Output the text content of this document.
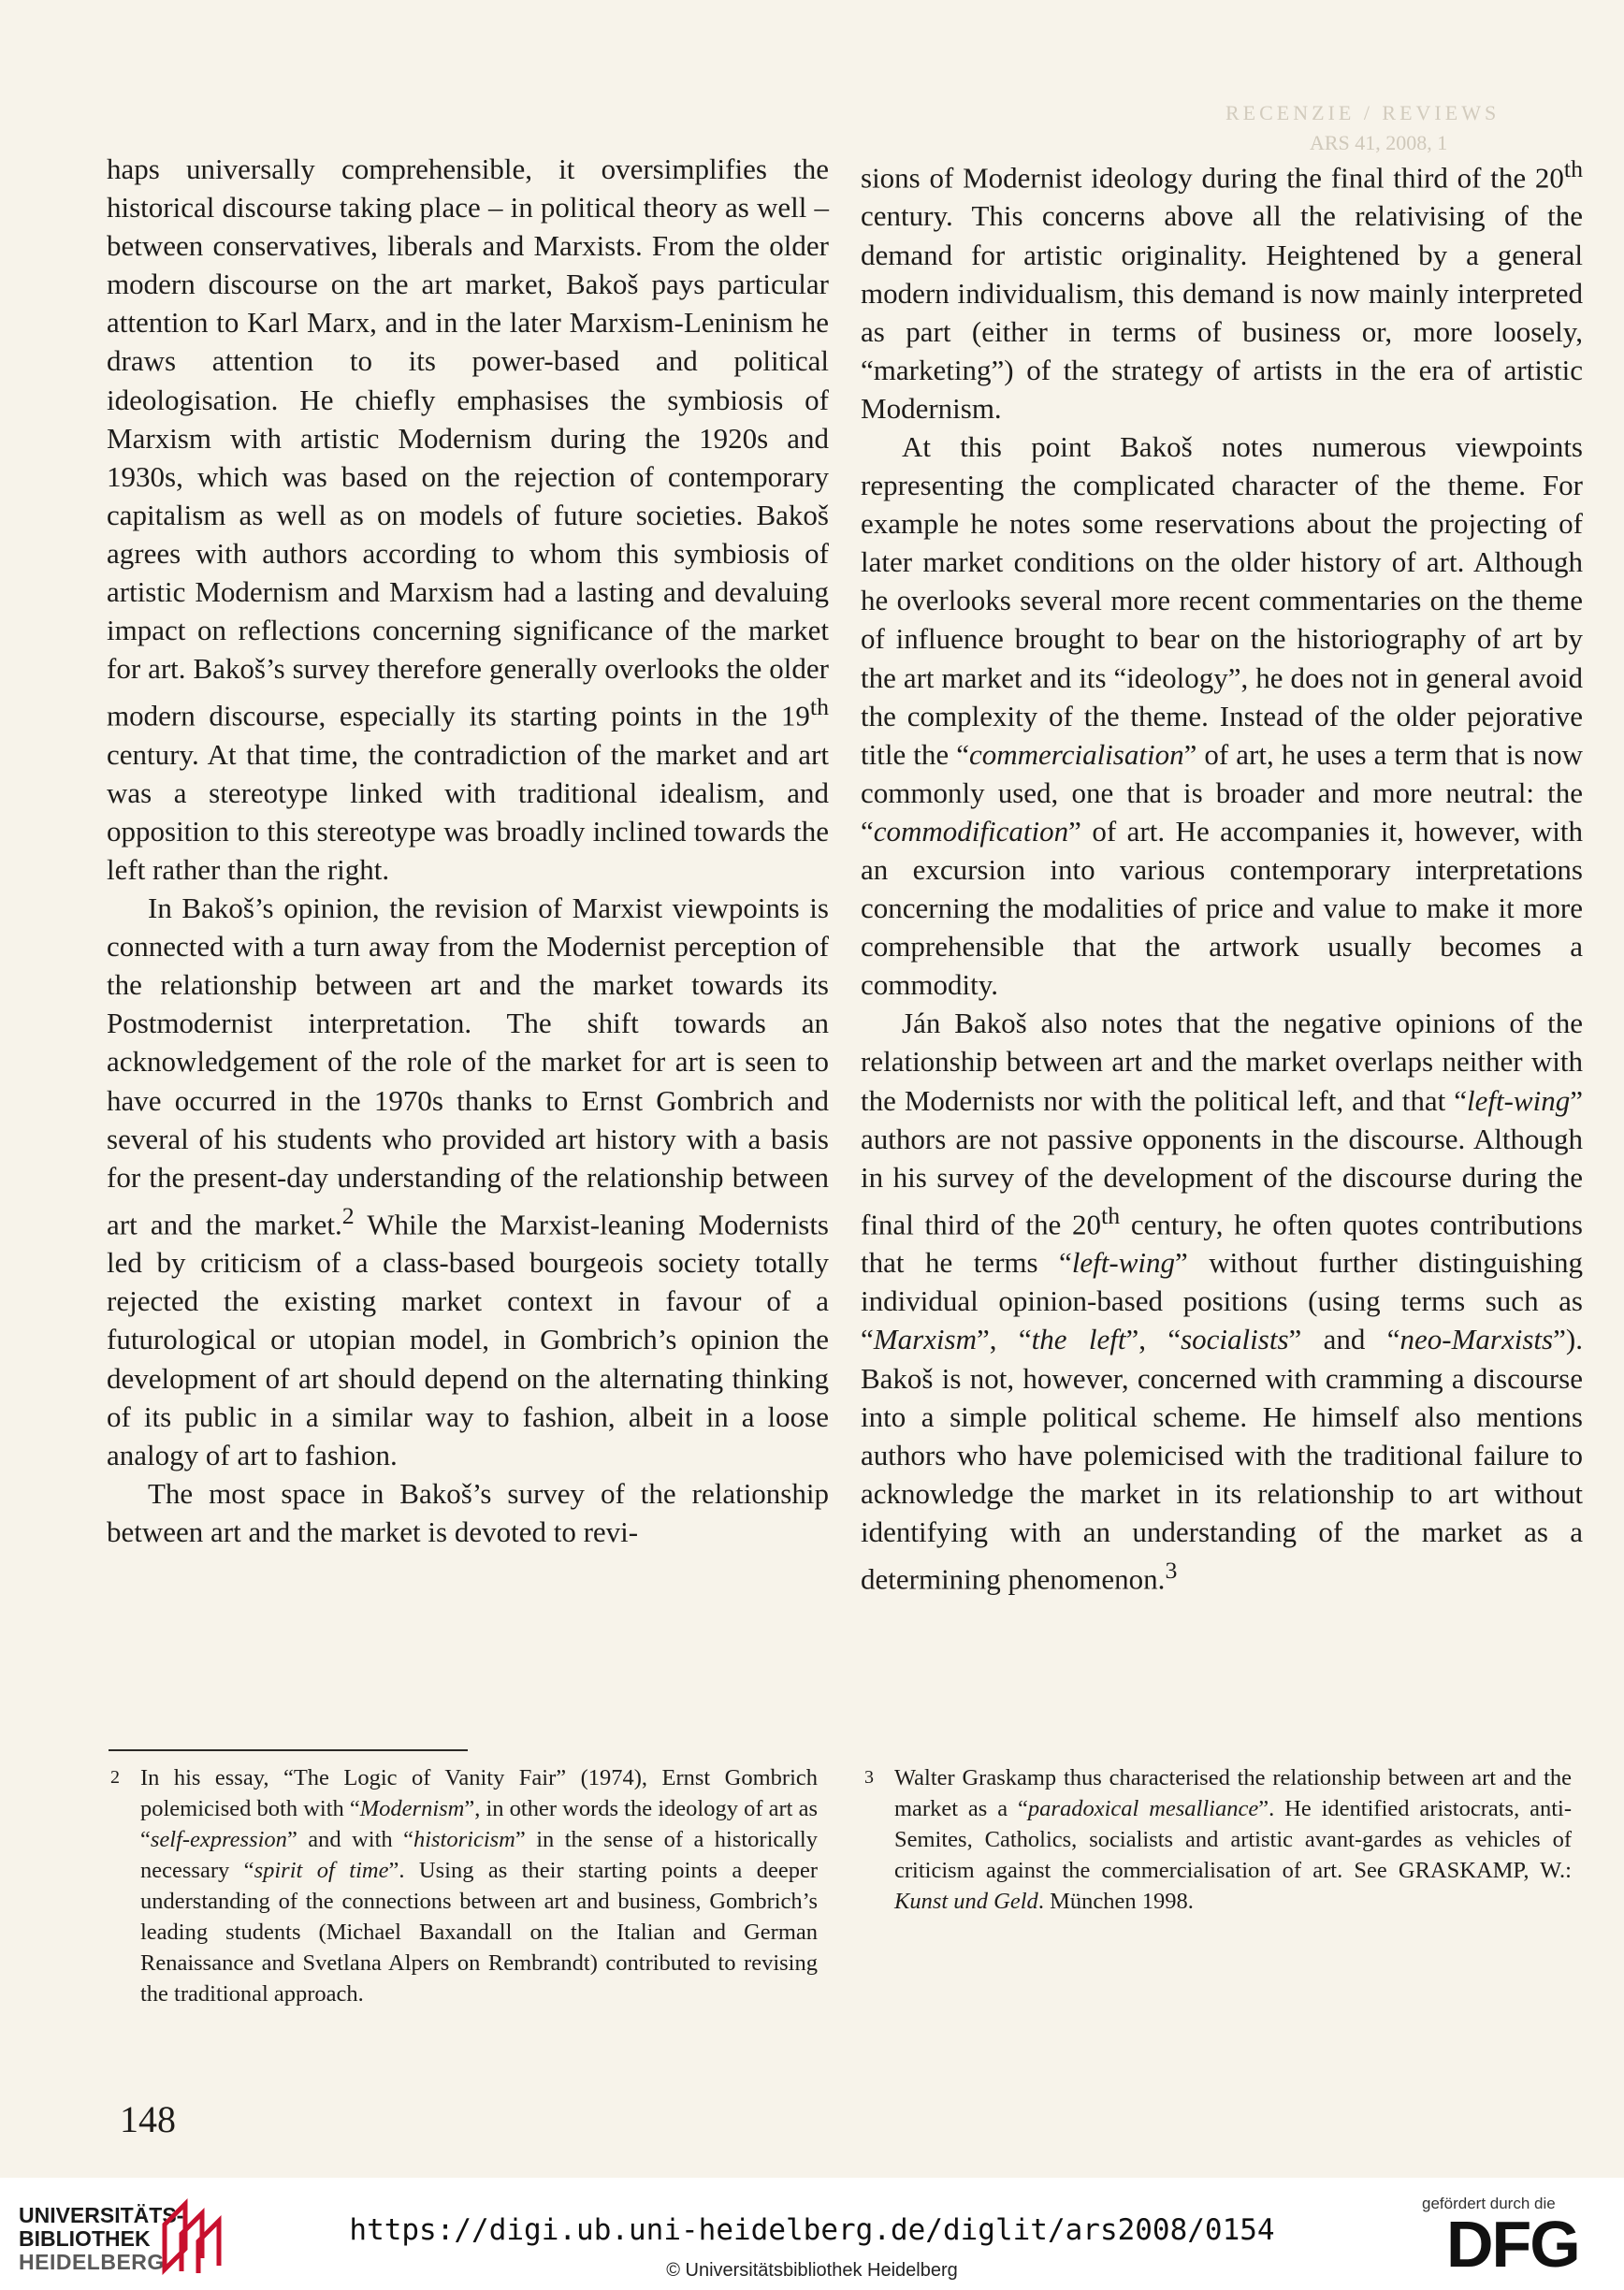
RECENZIE / REVIEWS
ARS 41, 2008, 1

haps universally comprehensible, it oversimplifies the historical discourse taking place – in political theory as well – between conservatives, liberals and Marxists. From the older modern discourse on the art market, Bakoš pays particular attention to Karl Marx, and in the later Marxism-Leninism he draws attention to its power-based and political ideologisation. He chiefly emphasises the symbiosis of Marxism with artistic Modernism during the 1920s and 1930s, which was based on the rejection of contemporary capitalism as well as on models of future societies. Bakoš agrees with authors according to whom this symbiosis of artistic Modernism and Marxism had a lasting and devaluing impact on reflections concerning significance of the market for art. Bakoš’s survey therefore generally overlooks the older modern discourse, especially its starting points in the 19th century. At that time, the contradiction of the market and art was a stereotype linked with traditional idealism, and opposition to this stereotype was broadly inclined towards the left rather than the right.

In Bakoš’s opinion, the revision of Marxist viewpoints is connected with a turn away from the Modernist perception of the relationship between art and the market towards its Postmodernist interpretation. The shift towards an acknowledgement of the role of the market for art is seen to have occurred in the 1970s thanks to Ernst Gombrich and several of his students who provided art history with a basis for the present-day understanding of the relationship between art and the market.$^2$ While the Marxist-leaning Modernists led by criticism of a class-based bourgeois society totally rejected the existing market context in favour of a futurological or utopian model, in Gombrich’s opinion the development of art should depend on the alternating thinking of its public in a similar way to fashion, albeit in a loose analogy of art to fashion.

The most space in Bakoš’s survey of the relationship between art and the market is devoted to revi-

sions of Modernist ideology during the final third of the 20th century. This concerns above all the relativising of the demand for artistic originality. Heightened by a general modern individualism, this demand is now mainly interpreted as part (either in terms of business or, more loosely, “marketing”) of the strategy of artists in the era of artistic Modernism.

At this point Bakoš notes numerous viewpoints representing the complicated character of the theme. For example he notes some reservations about the projecting of later market conditions on the older history of art. Although he overlooks several more recent commentaries on the theme of influence brought to bear on the historiography of art by the art market and its “ideology”, he does not in general avoid the complexity of the theme. Instead of the older pejorative title the “commercialisation” of art, he uses a term that is now commonly used, one that is broader and more neutral: the “commodification” of art. He accompanies it, however, with an excursion into various contemporary interpretations concerning the modalities of price and value to make it more comprehensible that the artwork usually becomes a commodity.

Ján Bakoš also notes that the negative opinions of the relationship between art and the market overlaps neither with the Modernists nor with the political left, and that “left-wing” authors are not passive opponents in the discourse. Although in his survey of the development of the discourse during the final third of the 20th century, he often quotes contributions that he terms “left-wing” without further distinguishing individual opinion-based positions (using terms such as “Marxism”, “the left”, “socialists” and “neo-Marxists”). Bakoš is not, however, concerned with cramming a discourse into a simple political scheme. He himself also mentions authors who have polemicised with the traditional failure to acknowledge the market in its relationship to art without identifying with an understanding of the market as a determining phenomenon.$^3$

2 In his essay, “The Logic of Vanity Fair” (1974), Ernst Gombrich polemicised both with “Modernism”, in other words the ideology of art as “self-expression” and with “historicism” in the sense of a historically necessary “spirit of time”. Using as their starting points a deeper understanding of the connections between art and business, Gombrich’s leading students (Michael Baxandall on the Italian and German Renaissance and Svetlana Alpers on Rembrandt) contributed to revising the traditional approach.
3 Walter Graskamp thus characterised the relationship between art and the market as a “paradoxical mesalliance”. He identified aristocrats, anti-Semites, Catholics, socialists and artistic avant-gardes as vehicles of criticism against the commercialisation of art. See GRASKAMP, W.: Kunst und Geld. München 1998.
148
UNIVERSITÄTS-
BIBLIOTHEK
HEIDELBERG
https://digi.ub.uni-heidelberg.de/diglit/ars2008/0154
© Universitätsbibliothek Heidelberg
gefördert durch die
DFG
